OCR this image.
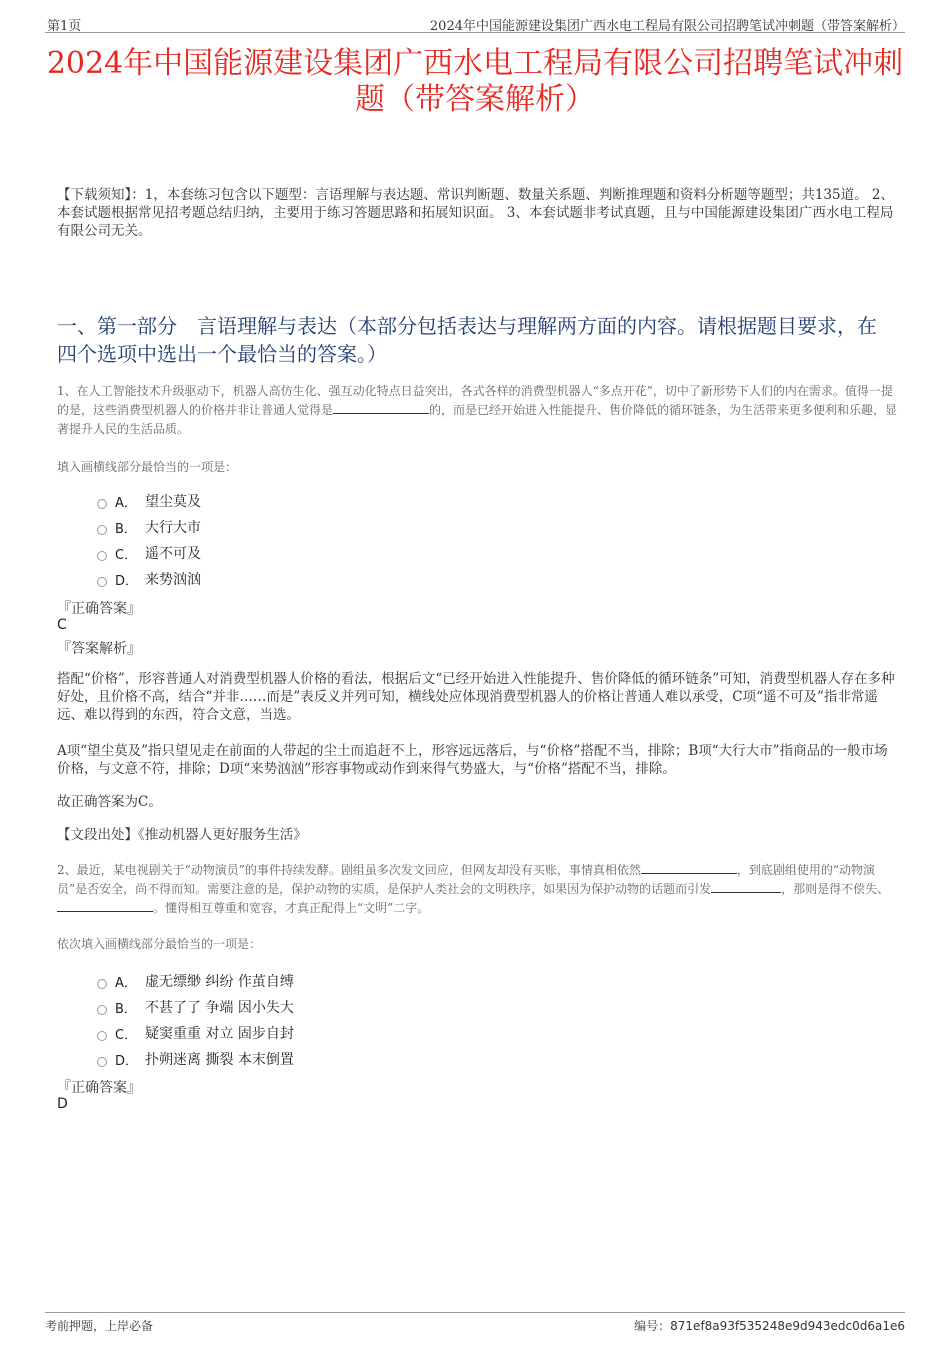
第1页	2024年中国能源建设集团广西水电工程局有限公司招聘笔试冲刺题（带答案解析）
2024年中国能源建设集团广西水电工程局有限公司招聘笔试冲刺题（带答案解析）
【下载须知】：1，本套练习包含以下题型：言语理解与表达题、常识判断题、数量关系题、判断推理题和资料分析题等题型；共135道。 2、本套试题根据常见招考题总结归纳，主要用于练习答题思路和拓展知识面。 3、本套试题非考试真题，且与中国能源建设集团广西水电工程局有限公司无关。
一、第一部分　言语理解与表达（本部分包括表达与理解两方面的内容。请根据题目要求，在四个选项中选出一个最恰当的答案。）
1、在人工智能技术升级驱动下，机器人高仿生化、强互动化特点日益突出，各式各样的消费型机器人“多点开花”，切中了新形势下人们的内在需求。值得一提的是，这些消费型机器人的价格并非让普通人觉得是	的，而是已经开始进入性能提升、售价降低的循环链条，为生活带来更多便利和乐趣，显著提升人民的生活品质。
填入画横线部分最恰当的一项是：
A． 望尘莫及
B． 大行大市
C． 遥不可及
D． 来势汹汹
『正确答案』
C
『答案解析』
搭配“价格”，形容普通人对消费型机器人价格的看法，根据后文“已经开始进入性能提升、售价降低的循环链条”可知，消费型机器人存在多种好处，且价格不高，结合“并非……而是”表反义并列可知，横线处应体现消费型机器人的价格让普通人难以承受，C项“遥不可及”指非常遥远、难以得到的东西，符合文意，当选。
A项“望尘莫及”指只望见走在前面的人带起的尘土而追赶不上，形容远远落后，与“价格”搭配不当，排除；B项“大行大市”指商品的一般市场价格，与文意不符，排除；D项“来势汹汹”形容事物或动作到来得气势盛大，与“价格”搭配不当，排除。
故正确答案为C。
【文段出处】《推动机器人更好服务生活》
2、最近，某电视剧关于“动物演员”的事件持续发酵。剧组虽多次发文回应，但网友却没有买账，事情真相依然	，到底剧组使用的“动物演员”是否安全，尚不得而知。需要注意的是，保护动物的实质，是保护人类社会的文明秩序，如果因为保护动物的话题而引发	，那则是得不偿失、。懂得相互尊重和宽容，才真正配得上“文明”二字。
依次填入画横线部分最恰当的一项是：
A． 虚无缥缈 纠纷 作茧自缚
B． 不甚了了 争端 因小失大
C． 疑窦重重 对立 固步自封
D． 扑朔迷离 撕裂 本末倒置
『正确答案』
D
考前押题，上岸必备	编号：871ef8a93f535248e9d943edc0d6a1e6
